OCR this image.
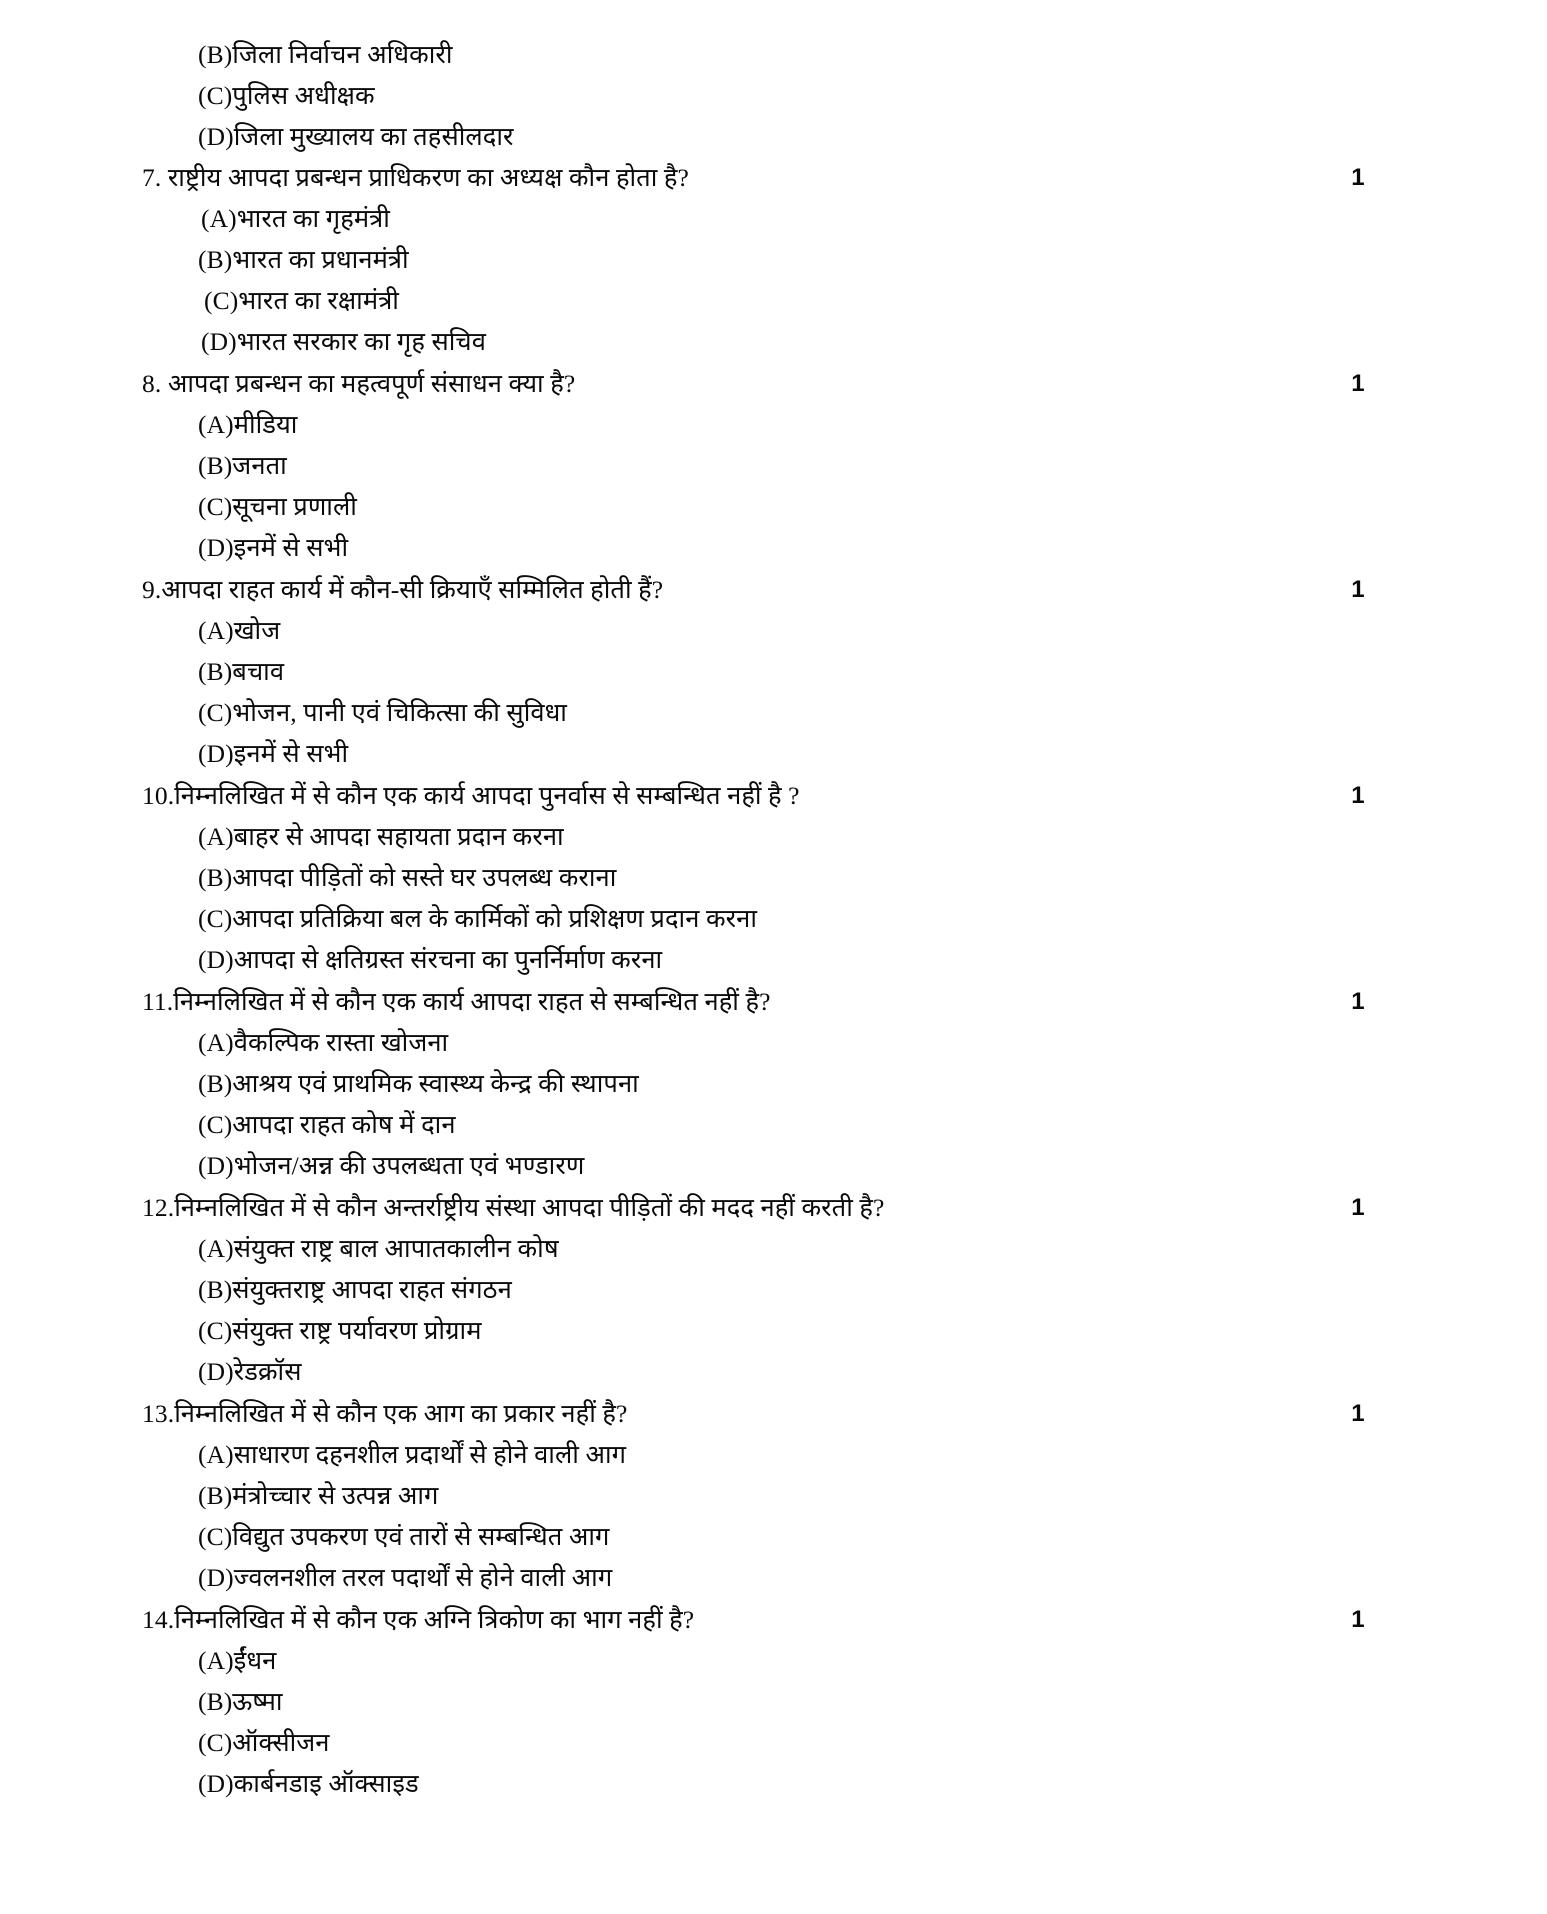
(B)जिला निर्वाचन अधिकारी
(C)पुलिस अधीक्षक
(D)जिला मुख्यालय का तहसीलदार
7. राष्ट्रीय आपदा प्रबन्धन प्राधिकरण का अध्यक्ष कौन होता है?	1
(A)भारत का गृहमंत्री
(B)भारत का प्रधानमंत्री
(C)भारत का रक्षामंत्री
(D)भारत सरकार का गृह सचिव
8. आपदा प्रबन्धन का महत्वपूर्ण संसाधन क्या है?	1
(A)मीडिया
(B)जनता
(C)सूचना प्रणाली
(D)इनमें से सभी
9.आपदा राहत कार्य में कौन-सी क्रियाएँ सम्मिलित होती हैं?	1
(A)खोज
(B)बचाव
(C)भोजन, पानी एवं चिकित्सा की सुविधा
(D)इनमें से सभी
10.निम्नलिखित में से कौन एक कार्य आपदा पुनर्वास से सम्बन्धित नहीं है ?	1
(A)बाहर से आपदा सहायता प्रदान करना
(B)आपदा पीड़ितों को सस्ते घर उपलब्ध कराना
(C)आपदा प्रतिक्रिया बल के कार्मिकों को प्रशिक्षण प्रदान करना
(D)आपदा से क्षतिग्रस्त संरचना का पुनर्निर्माण करना
11.निम्नलिखित में से कौन एक कार्य आपदा राहत से सम्बन्धित नहीं है?	1
(A)वैकल्पिक रास्ता खोजना
(B)आश्रय एवं प्राथमिक स्वास्थ्य केन्द्र की स्थापना
(C)आपदा राहत कोष में दान
(D)भोजन/अन्न की उपलब्धता एवं भण्डारण
12.निम्नलिखित में से कौन अन्तर्राष्ट्रीय संस्था आपदा पीड़ितों की मदद नहीं करती है?	1
(A)संयुक्त राष्ट्र बाल आपातकालीन कोष
(B)संयुक्तराष्ट्र आपदा राहत संगठन
(C)संयुक्त राष्ट्र पर्यावरण प्रोग्राम
(D)रेडक्रॉस
13.निम्नलिखित में से कौन एक आग का प्रकार नहीं है?	1
(A)साधारण दहनशील प्रदार्थों से होने वाली आग
(B)मंत्रोच्चार से उत्पन्न आग
(C)विद्युत उपकरण एवं तारों से सम्बन्धित आग
(D)ज्वलनशील तरल पदार्थों से होने वाली आग
14.निम्नलिखित में से कौन एक अग्नि त्रिकोण का भाग नहीं है?	1
(A)ईंधन
(B)ऊष्मा
(C)ऑक्सीजन
(D)कार्बनडाइ ऑक्साइड
